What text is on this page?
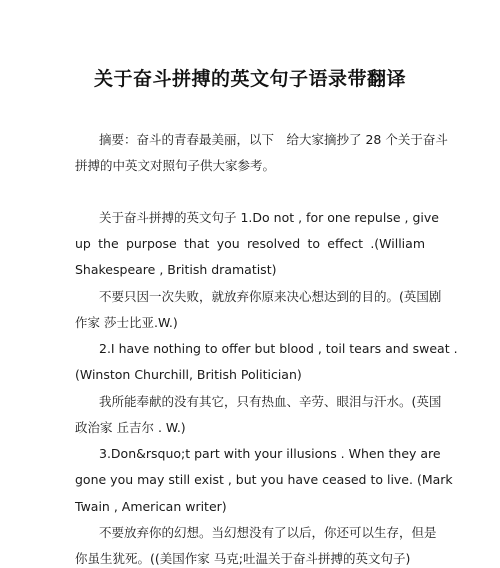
关于奋斗拼搏的英文句子语录带翻译
摘要：奋斗的青春最美丽，以下　给大家摘抄了 28 个关于奋斗
拼搏的中英文对照句子供大家参考。
关于奋斗拼搏的英文句子 1.Do not , for one repulse , give
up the purpose that you resolved to effect .(William
Shakespeare , British dramatist)
不要只因一次失败，就放弃你原来决心想达到的目的。(英国剧
作家 莎士比亚.W.)
2.I have nothing to offer but blood , toil tears and sweat .
(Winston Churchill, British Politician)
我所能奉献的没有其它，只有热血、辛劳、眼泪与汗水。(英国
政治家 丘吉尔 . W.)
3.Don&rsquo;t part with your illusions . When they are
gone you may still exist , but you have ceased to live. (Mark
Twain , American writer)
不要放弃你的幻想。当幻想没有了以后，你还可以生存，但是
你虽生犹死。((美国作家 马克;吐温关于奋斗拼搏的英文句子)
